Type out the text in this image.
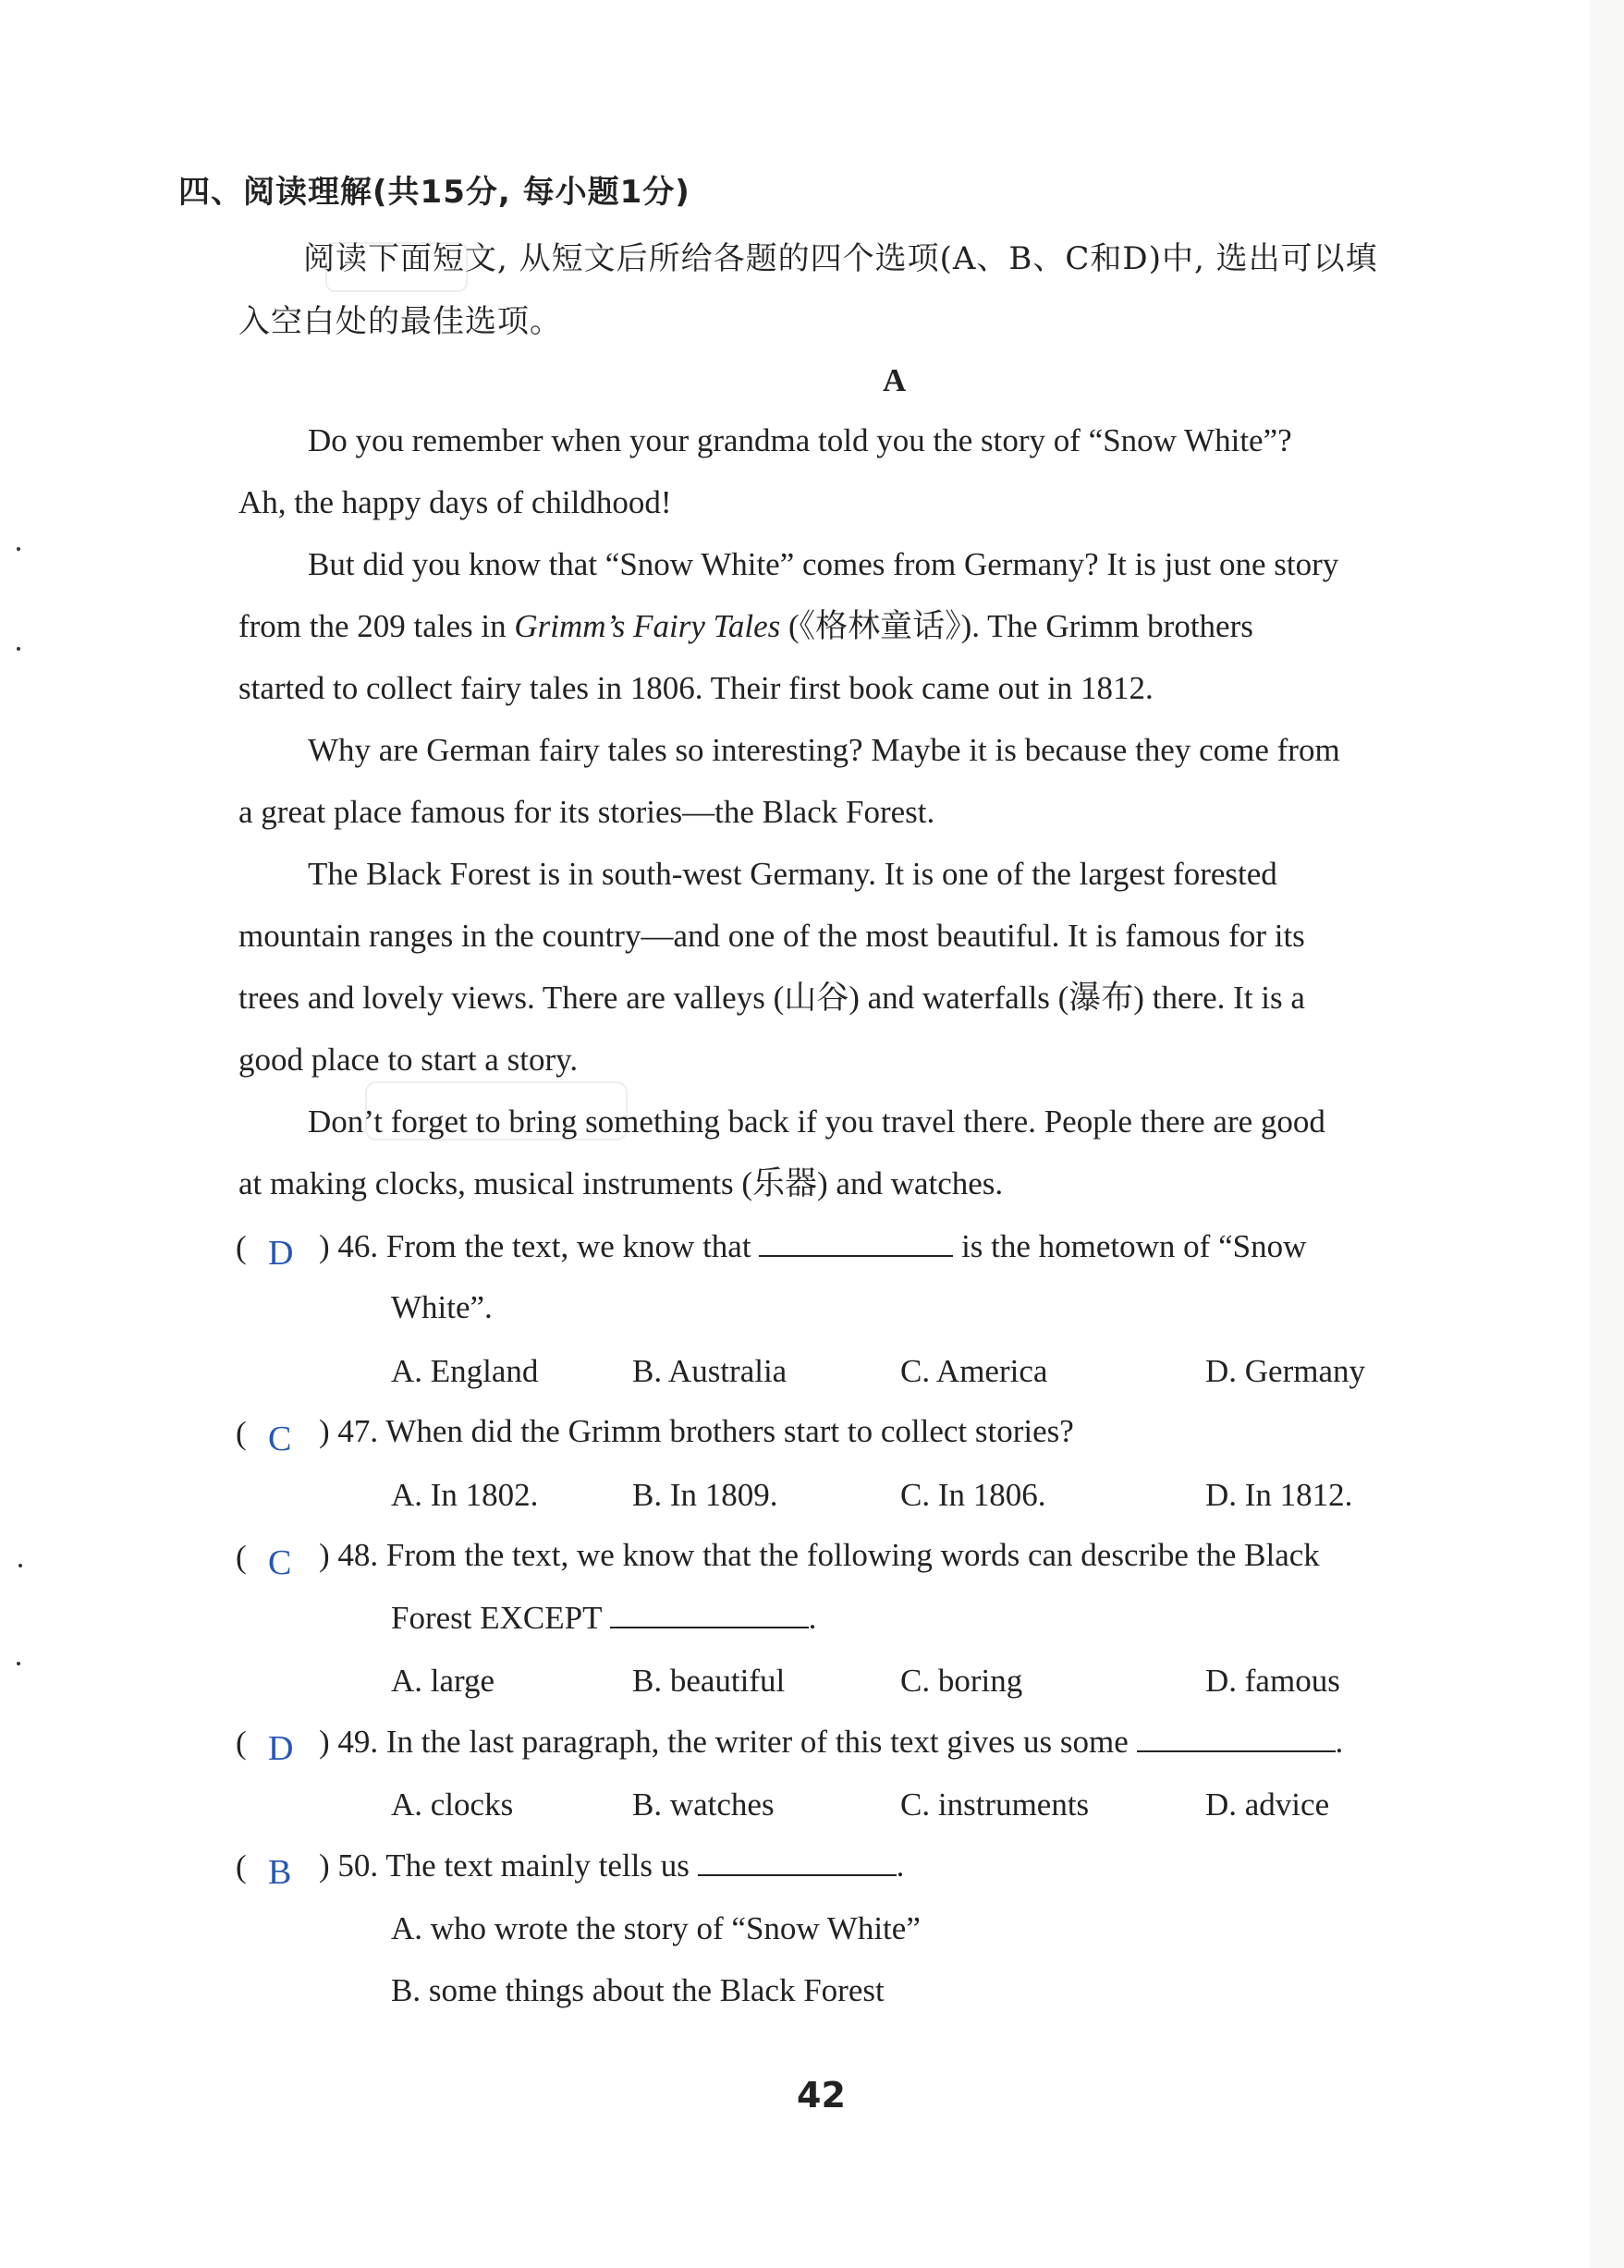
四、阅读理解(共15分, 每小题1分)
阅读下面短文, 从短文后所给各题的四个选项(A、B、C和D)中, 选出可以填
入空白处的最佳选项。
A
Do you remember when your grandma told you the story of “Snow White”?
Ah, the happy days of childhood!
But did you know that “Snow White” comes from Germany? It is just one story
from the 209 tales in Grimm’s Fairy Tales (《格林童话》). The Grimm brothers
started to collect fairy tales in 1806. Their first book came out in 1812.
Why are German fairy tales so interesting? Maybe it is because they come from
a great place famous for its stories—the Black Forest.
The Black Forest is in south-west Germany. It is one of the largest forested
mountain ranges in the country—and one of the most beautiful. It is famous for its
trees and lovely views. There are valleys (山谷) and waterfalls (瀑布) there. It is a
good place to start a story.
Don’t forget to bring something back if you travel there. People there are good
at making clocks, musical instruments (乐器) and watches.
( D ) 46. From the text, we know that	is the hometown of “Snow
White”.
A. England	B. Australia	C. America	D. Germany
( C ) 47. When did the Grimm brothers start to collect stories?
A. In 1802.	B. In 1809.	C. In 1806.	D. In 1812.
( C ) 48. From the text, we know that the following words can describe the Black
Forest EXCEPT	.
A. large	B. beautiful	C. boring	D. famous
( D ) 49. In the last paragraph, the writer of this text gives us some	.
A. clocks	B. watches	C. instruments	D. advice
( B ) 50. The text mainly tells us	.
A. who wrote the story of “Snow White”
B. some things about the Black Forest
42
